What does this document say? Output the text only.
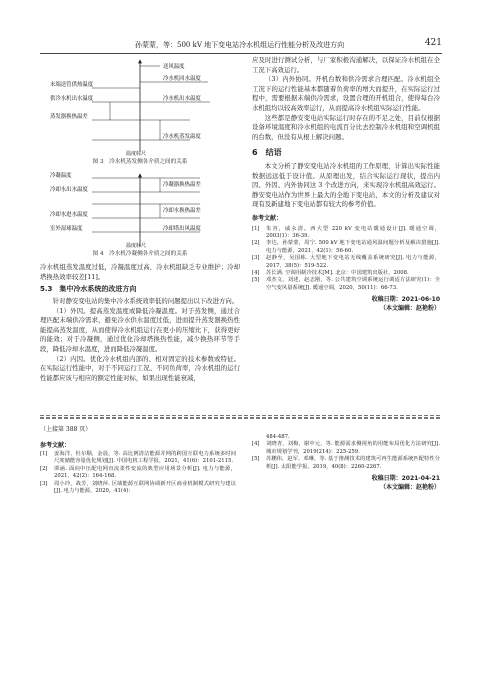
孙蒙蒙，等：500 kV 地下变电站冷水机组运行性能分析及改进方向	421
送风温度
冷水机回水温度
末端送管供热温度
冷水机出水温度
供冷水机出水温度
蒸发器换热温差
冷水机蒸发温度
温度标尺
图 3　冷水机蒸发侧各介质之间的关系
冷凝温度
冷凝器换热温差
冷却水出水温度
冷却水换热温差
冷却水进水温度
冷却塔出风温度
室外湿球温度
温度标尺
图 4　冷水机冷凝侧各介质之间的关系

冷水机组蒸发温度过低，冷凝温度过高，冷水机组缺乏专业维护；冷却塔换热效率较差[11]。

5.3　集中冷水系统的改进方向

针对静安变电站的集中冷水系统效率低的问题提出以下改进方向。

（1）外因。提高蒸发温度或降低冷凝温度。对于蒸发侧，通过合理匹配末端供冷需求，避免冷水供水温度过低，进而提升蒸发器换热性能提高蒸发温度，从而使得冷水机组运行在更小的压缩比下，获得更好的能效；对于冷凝侧，通过优化冷却塔换热性能，减少换热环节等手段，降低冷却水温度，进而降低冷凝温度。

（2）内因。优化冷水机组内部的、相对固定的技术参数或特征。在实际运行性能中，对于不同运行工况、不同负荷率，冷水机组的运行性能都应该与相应的额定性能对标，如果出现性能衰减，

应及时进行测试分析，与厂家积极沟通解决，以保证冷水机组在全工况下高效运行。

（3）内外协同。开机台数和供冷需求合理匹配。冷水机组全工况下的运行性能基本都随着负荷率的增大而提升，在实际运行过程中，需要根据末端供冷需求，设置合理的开机组合，使得每台冷水机组均以较高效率运行，从而提高冷水机组实际运行性能。

这些都是静安变电站实际运行时存在的不足之处，目前仅根据设备环境温度和冷水机组的电流百分比去控制冷水机组和空调机组的台数，但没有从根上解决问题。

6　结语

本文分析了静安变电站冷水机组的工作原理，计算出实际性能数据远远低于设计值。从原理出发，结合实际运行现状，提出内因、外因、内外协同这 3 个改进方向，来实现冷水机组高效运行。静安变电站作为世界上最大的全地下变电站，本文的分析及建议对现有及新建地下变电站都有较大的参考价值。

参考文献：
[1]	朱容，戚永清。西大型 220 kV 变电站暖通设计[J]. 暖通空调，2003(1)：36-39.
[2]	李达，孙蒙蒙，周宁. 500 kV 地下变电站通风温间题分析及解决措施[J]. 电力与能源，2021，42(1)：56-60.
[3]	赵静至，吴国栋. 大型地下变电站无线覆盖系统研究[J]. 电力与能源，2017，38(5)：519-522.
[4]	苏长满. 空调用制冷技术[M]. 北京：中国建筑出版社，2008.
[5]	邓杰文，刘述，赵志刚，等. 公共建筑空调系统运行调适方法研究(1)：全空气变风量系统[J]. 暖通空调，2020，50(11)：66-73.
收稿日期：2021-06-10
（本文编辑：赵艳粉）
（上接第 388 页）
参考文献：
[1]	姜海洋，杜尔顺，金晨，等. 高比例清洁能源并网的跨国互联电力系统多时间尺度储能容量优化规划[J]. 中国电机工程学报，2021，41(6)：2101-2115.
[2]	谭涵. 面向中压配电网直流柔性变流的典型应用场景分析[J]. 电力与能源，2021，42(2)：164-168.
[3]	周小玲，战芳，刘晓萍. 区域能源互联网协调新开区商业机制模式研究与建议[J]. 电力与能源，2020，41(4)：
484-487.
[4]	刘晓青，刘梅，谢中元，等. 能源需求侧视角的用能布局优化方法研究[J]. 城市规划学刊，2019(214)：225-259.
[5]	苏鹏伟，赵军，邓琳，等. 基于推测技术的建筑可再生能源系统匹配特性分析[J]. 太阳能学报，2019，40(8)：2260-2267.
收稿日期：2021-04-21
（本文编辑：赵艳粉）
